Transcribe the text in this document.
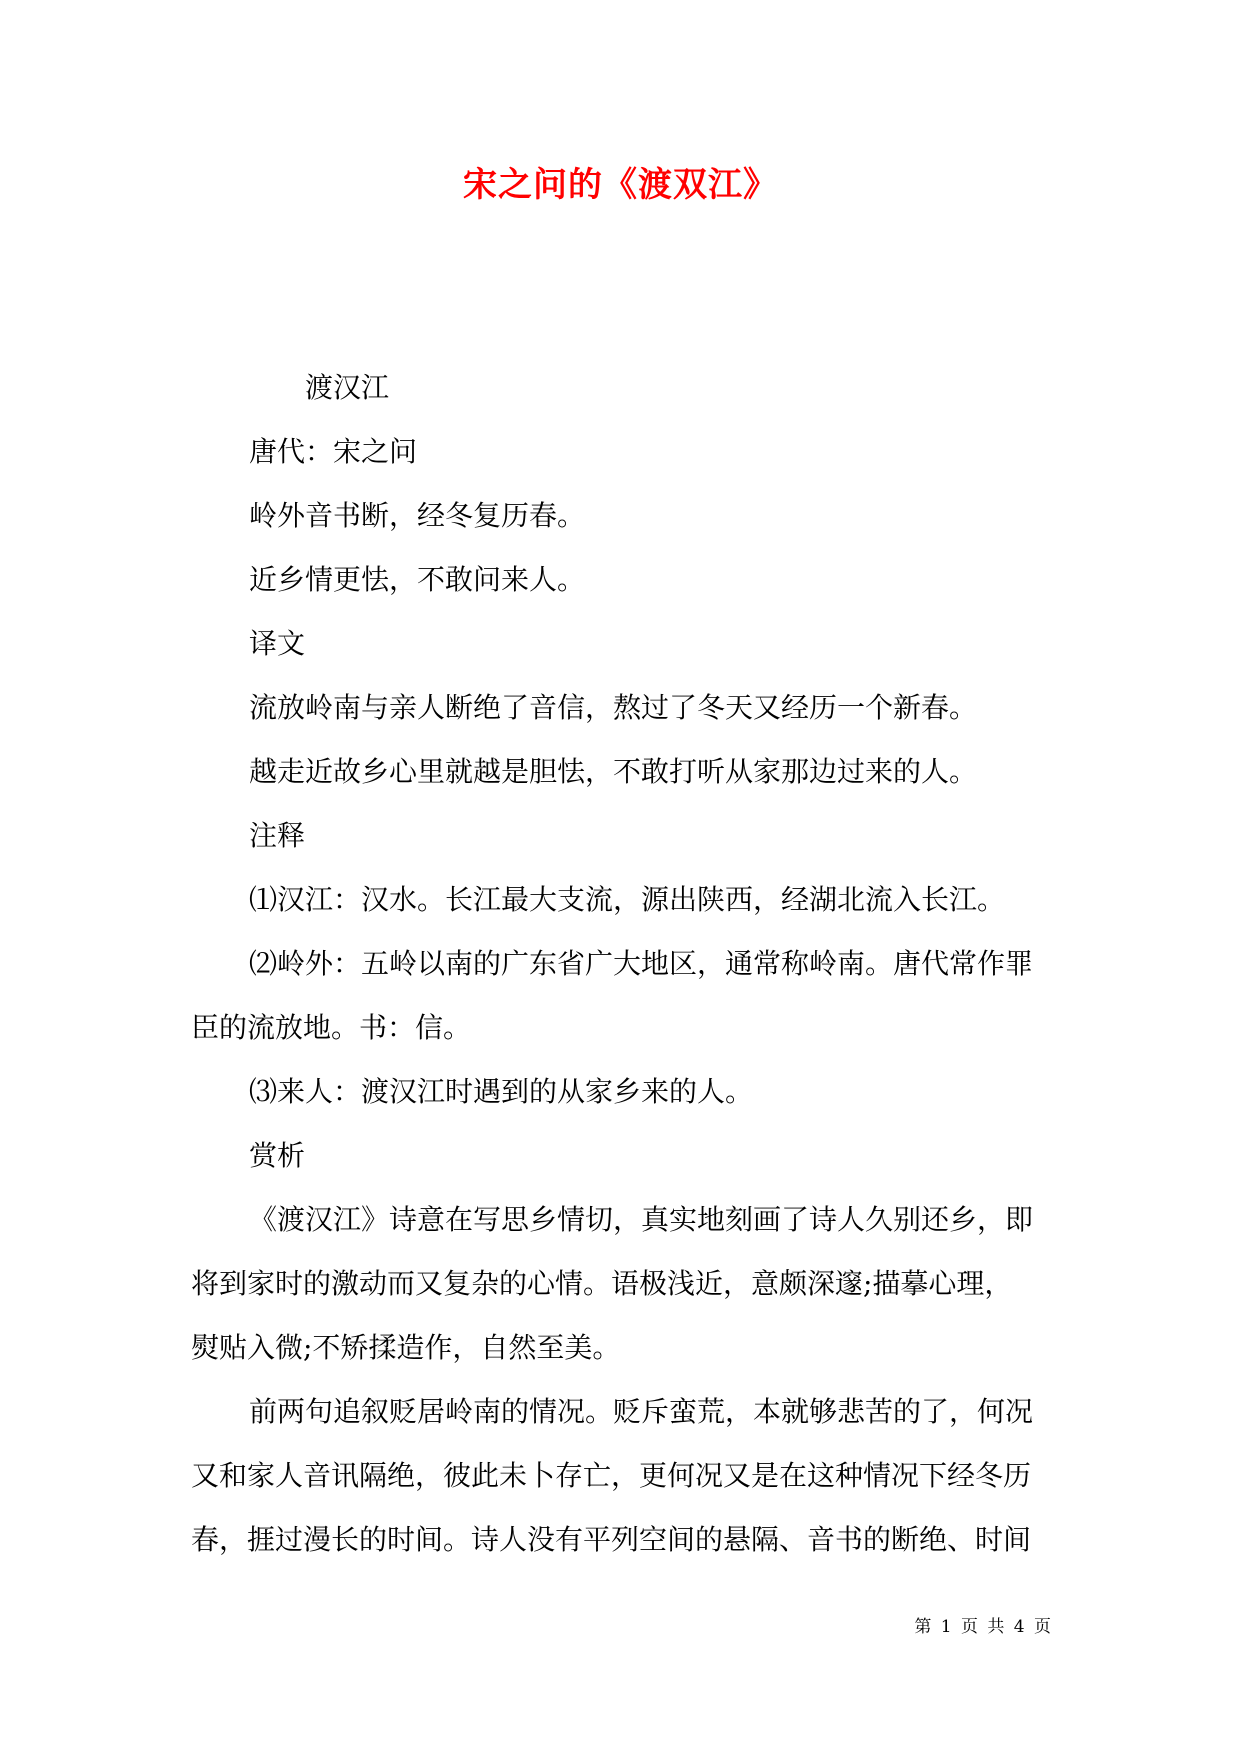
宋之问的《渡双江》
渡汉江
唐代：宋之问
岭外音书断，经冬复历春。
近乡情更怯，不敢问来人。
译文
流放岭南与亲人断绝了音信，熬过了冬天又经历一个新春。
越走近故乡心里就越是胆怯，不敢打听从家那边过来的人。
注释
⑴汉江：汉水。长江最大支流，源出陕西，经湖北流入长江。
⑵岭外：五岭以南的广东省广大地区，通常称岭南。唐代常作罪
臣的流放地。书：信。
⑶来人：渡汉江时遇到的从家乡来的人。
赏析
《渡汉江》诗意在写思乡情切，真实地刻画了诗人久别还乡，即
将到家时的激动而又复杂的心情。语极浅近，意颇深邃;描摹心理，
熨贴入微;不矫揉造作，自然至美。
前两句追叙贬居岭南的情况。贬斥蛮荒，本就够悲苦的了，何况
又和家人音讯隔绝，彼此未卜存亡，更何况又是在这种情况下经冬历
春，捱过漫长的时间。诗人没有平列空间的悬隔、音书的断绝、时间
第 1 页 共 4 页
